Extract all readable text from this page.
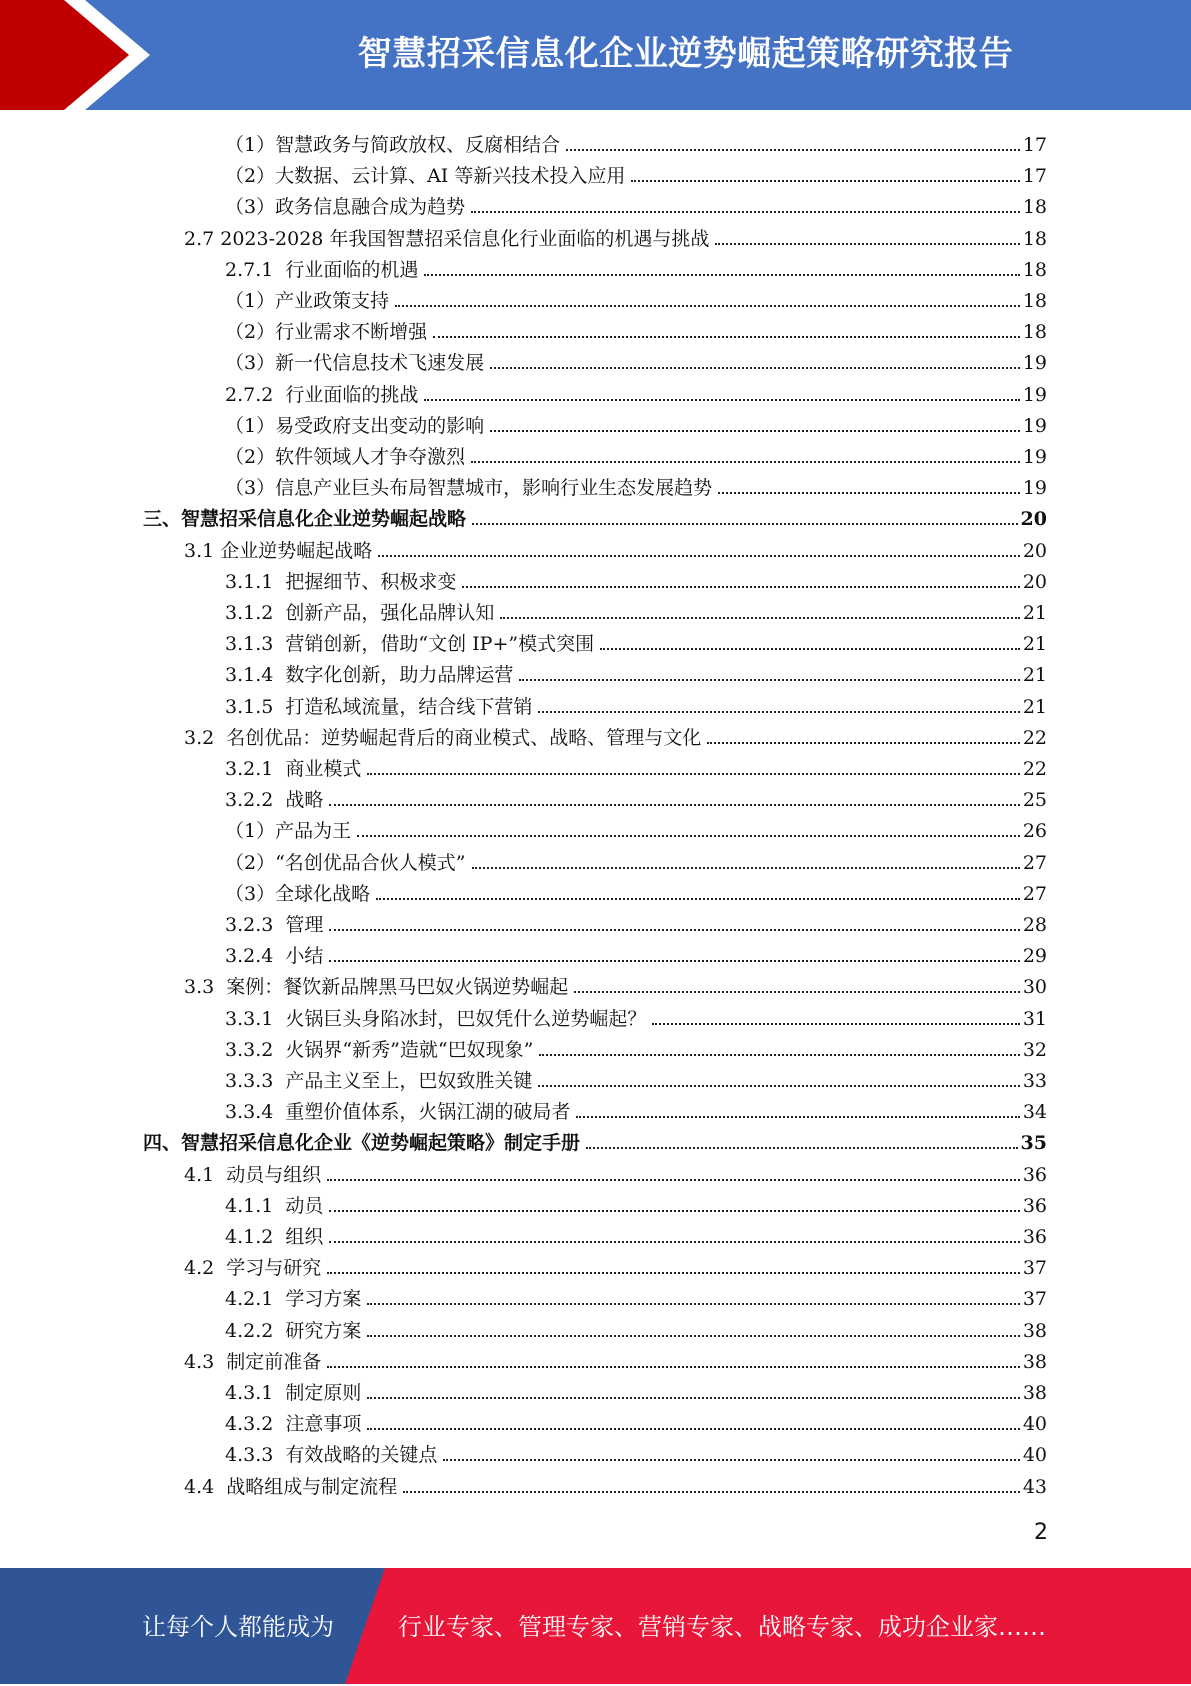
智慧招采信息化企业逆势崛起策略研究报告
（1）智慧政务与简政放权、反腐相结合	17
（2）大数据、云计算、AI 等新兴技术投入应用	17
（3）政务信息融合成为趋势	18
2.7 2023-2028 年我国智慧招采信息化行业面临的机遇与挑战	18
2.7.1  行业面临的机遇	18
（1）产业政策支持	18
（2）行业需求不断增强	18
（3）新一代信息技术飞速发展	19
2.7.2  行业面临的挑战	19
（1）易受政府支出变动的影响	19
（2）软件领域人才争夺激烈	19
（3）信息产业巨头布局智慧城市，影响行业生态发展趋势	19
三、智慧招采信息化企业逆势崛起战略	20
3.1 企业逆势崛起战略	20
3.1.1  把握细节、积极求变	20
3.1.2  创新产品，强化品牌认知	21
3.1.3  营销创新，借助“文创 IP+”模式突围	21
3.1.4  数字化创新，助力品牌运营	21
3.1.5  打造私域流量，结合线下营销	21
3.2  名创优品：逆势崛起背后的商业模式、战略、管理与文化	22
3.2.1  商业模式	22
3.2.2  战略	25
（1）产品为王	26
（2）“名创优品合伙人模式”	27
（3）全球化战略	27
3.2.3  管理	28
3.2.4  小结	29
3.3  案例：餐饮新品牌黑马巴奴火锅逆势崛起	30
3.3.1  火锅巨头身陷冰封，巴奴凭什么逆势崛起？	31
3.3.2  火锅界“新秀”造就“巴奴现象”	32
3.3.3  产品主义至上，巴奴致胜关键	33
3.3.4  重塑价值体系，火锅江湖的破局者	34
四、智慧招采信息化企业《逆势崛起策略》制定手册	35
4.1  动员与组织	36
4.1.1  动员	36
4.1.2  组织	36
4.2  学习与研究	37
4.2.1  学习方案	37
4.2.2  研究方案	38
4.3  制定前准备	38
4.3.1  制定原则	38
4.3.2  注意事项	40
4.3.3  有效战略的关键点	40
4.4  战略组成与制定流程	43
2
让每个人都能成为	行业专家、管理专家、营销专家、战略专家、成功企业家……
